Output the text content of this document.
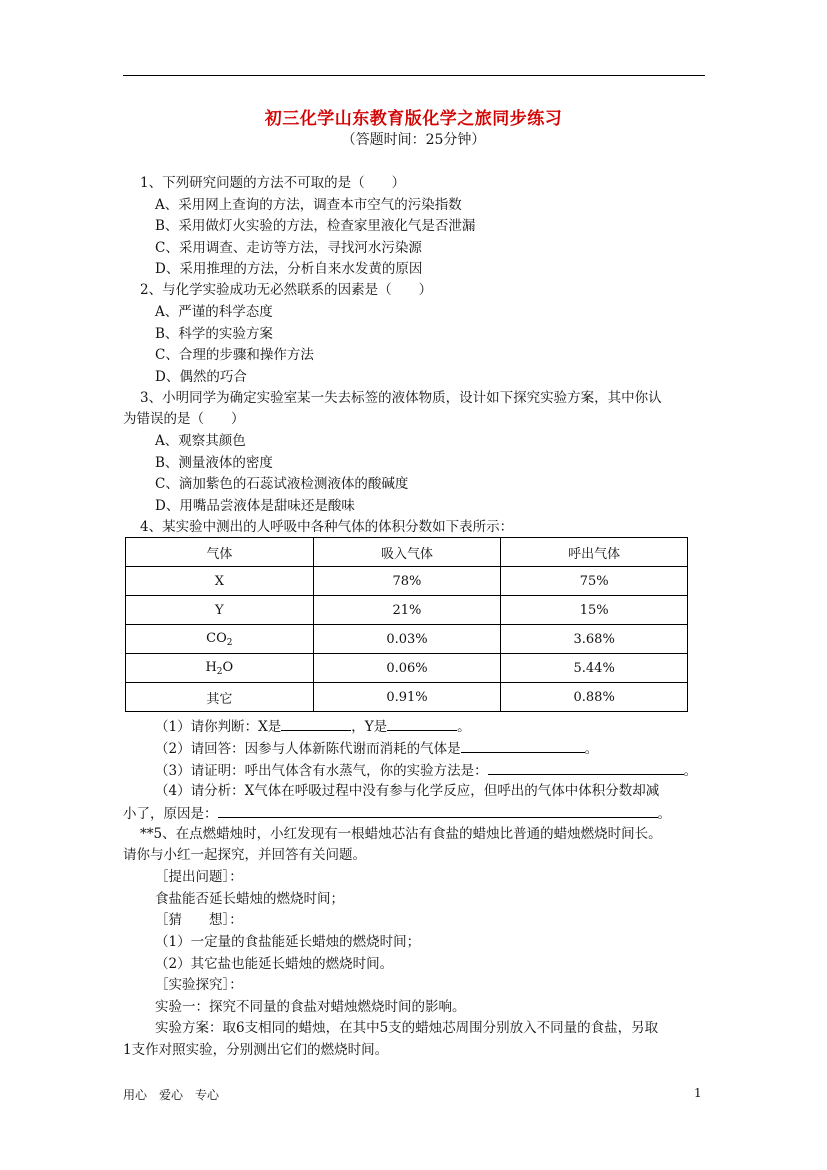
初三化学山东教育版化学之旅同步练习
（答题时间：25分钟）
1、下列研究问题的方法不可取的是（　　）
A、采用网上查询的方法，调查本市空气的污染指数
B、采用做灯火实验的方法，检查家里液化气是否泄漏
C、采用调查、走访等方法，寻找河水污染源
D、采用推理的方法，分析自来水发黄的原因
2、与化学实验成功无必然联系的因素是（　　）
A、严谨的科学态度
B、科学的实验方案
C、合理的步骤和操作方法
D、偶然的巧合
3、小明同学为确定实验室某一失去标签的液体物质，设计如下探究实验方案，其中你认
为错误的是（　　）
A、观察其颜色
B、测量液体的密度
C、滴加紫色的石蕊试液检测液体的酸碱度
D、用嘴品尝液体是甜味还是酸味
4、某实验中测出的人呼吸中各种气体的体积分数如下表所示：
气体	吸入气体	呼出气体
X	78%	75%
Y	21%	15%
$CO_2$	0.03%	3.68%
$H_2O$	0.06%	5.44%
其它	0.91%	0.88%
（1）请你判断：X是	，Y是	。
（2）请回答：因参与人体新陈代谢而消耗的气体是	。
（3）请证明：呼出气体含有水蒸气，你的实验方法是：	。
（4）请分析：X气体在呼吸过程中没有参与化学反应，但呼出的气体中体积分数却减
小了，原因是：	。
**5、在点燃蜡烛时，小红发现有一根蜡烛芯沾有食盐的蜡烛比普通的蜡烛燃烧时间长。
请你与小红一起探究，并回答有关问题。
［提出问题］：
食盐能否延长蜡烛的燃烧时间；
［猜　　想］：
（1）一定量的食盐能延长蜡烛的燃烧时间；
（2）其它盐也能延长蜡烛的燃烧时间。
［实验探究］：
实验一：探究不同量的食盐对蜡烛燃烧时间的影响。
实验方案：取6支相同的蜡烛，在其中5支的蜡烛芯周围分别放入不同量的食盐，另取
1支作对照实验，分别测出它们的燃烧时间。
用心　爱心　专心	1
